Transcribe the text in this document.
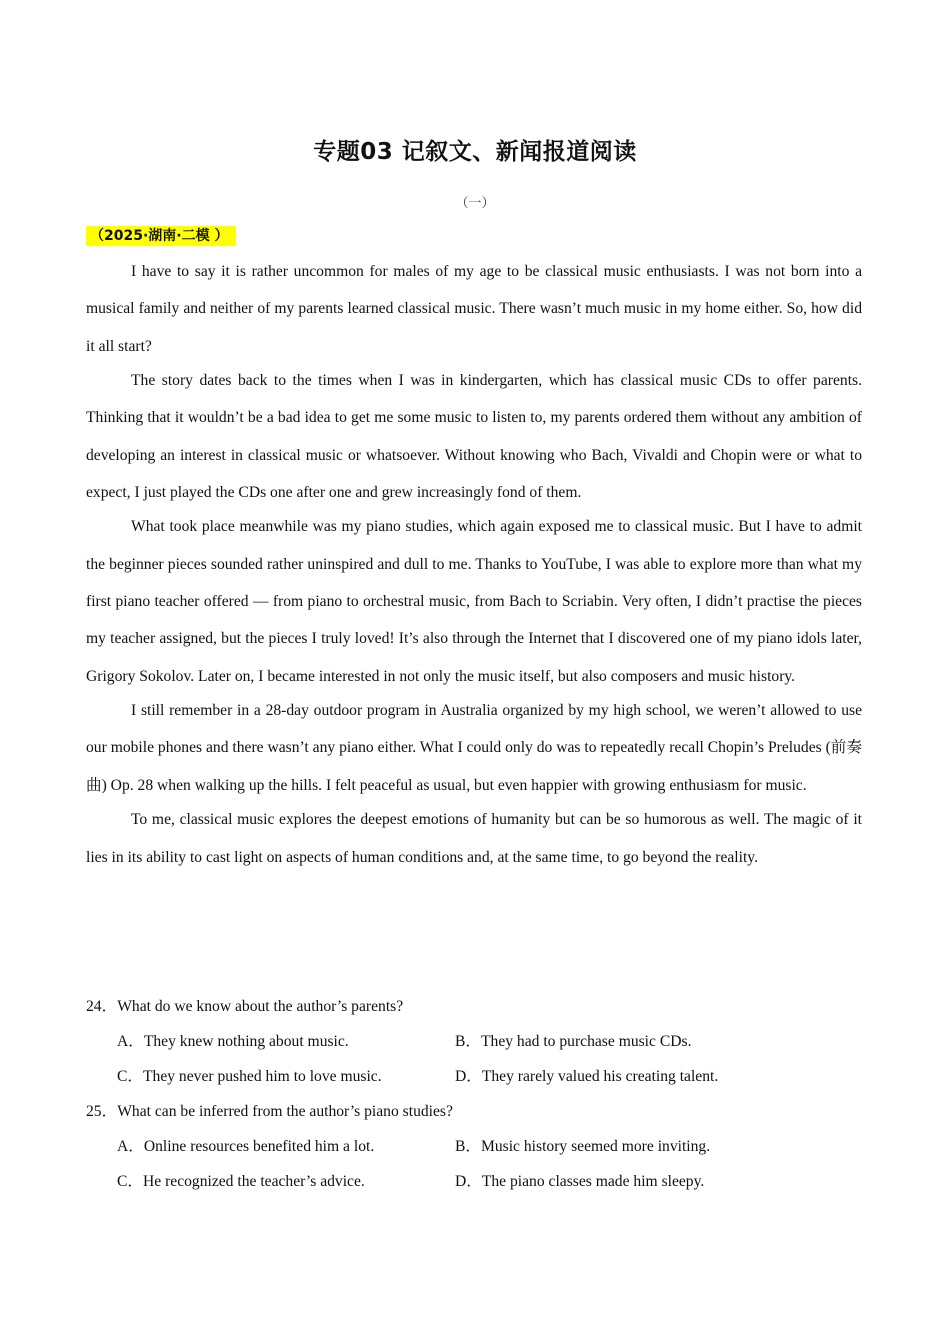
专题03 记叙文、新闻报道阅读
（一）
（2025·湖南·二模 ）

I have to say it is rather uncommon for males of my age to be classical music enthusiasts. I was not born into a musical family and neither of my parents learned classical music. There wasn’t much music in my home either. So, how did it all start?

The story dates back to the times when I was in kindergarten, which has classical music CDs to offer parents. Thinking that it wouldn’t be a bad idea to get me some music to listen to, my parents ordered them without any ambition of developing an interest in classical music or whatsoever. Without knowing who Bach, Vivaldi and Chopin were or what to expect, I just played the CDs one after one and grew increasingly fond of them.

What took place meanwhile was my piano studies, which again exposed me to classical music. But I have to admit the beginner pieces sounded rather uninspired and dull to me. Thanks to YouTube, I was able to explore more than what my first piano teacher offered — from piano to orchestral music, from Bach to Scriabin. Very often, I didn’t practise the pieces my teacher assigned, but the pieces I truly loved! It’s also through the Internet that I discovered one of my piano idols later, Grigory Sokolov. Later on, I became interested in not only the music itself, but also composers and music history.

I still remember in a 28-day outdoor program in Australia organized by my high school, we weren’t allowed to use our mobile phones and there wasn’t any piano either. What I could only do was to repeatedly recall Chopin’s Preludes (前奏曲) Op. 28 when walking up the hills. I felt peaceful as usual, but even happier with growing enthusiasm for music.

To me, classical music explores the deepest emotions of humanity but can be so humorous as well. The magic of it lies in its ability to cast light on aspects of human conditions and, at the same time, to go beyond the reality.

24．What do we know about the author’s parents?

A．They knew nothing about music.	B．They had to purchase music CDs.
C．They never pushed him to love music.	D．They rarely valued his creating talent.

25．What can be inferred from the author’s piano studies?

A．Online resources benefited him a lot.	B．Music history seemed more inviting.
C．He recognized the teacher’s advice.	D．The piano classes made him sleepy.
